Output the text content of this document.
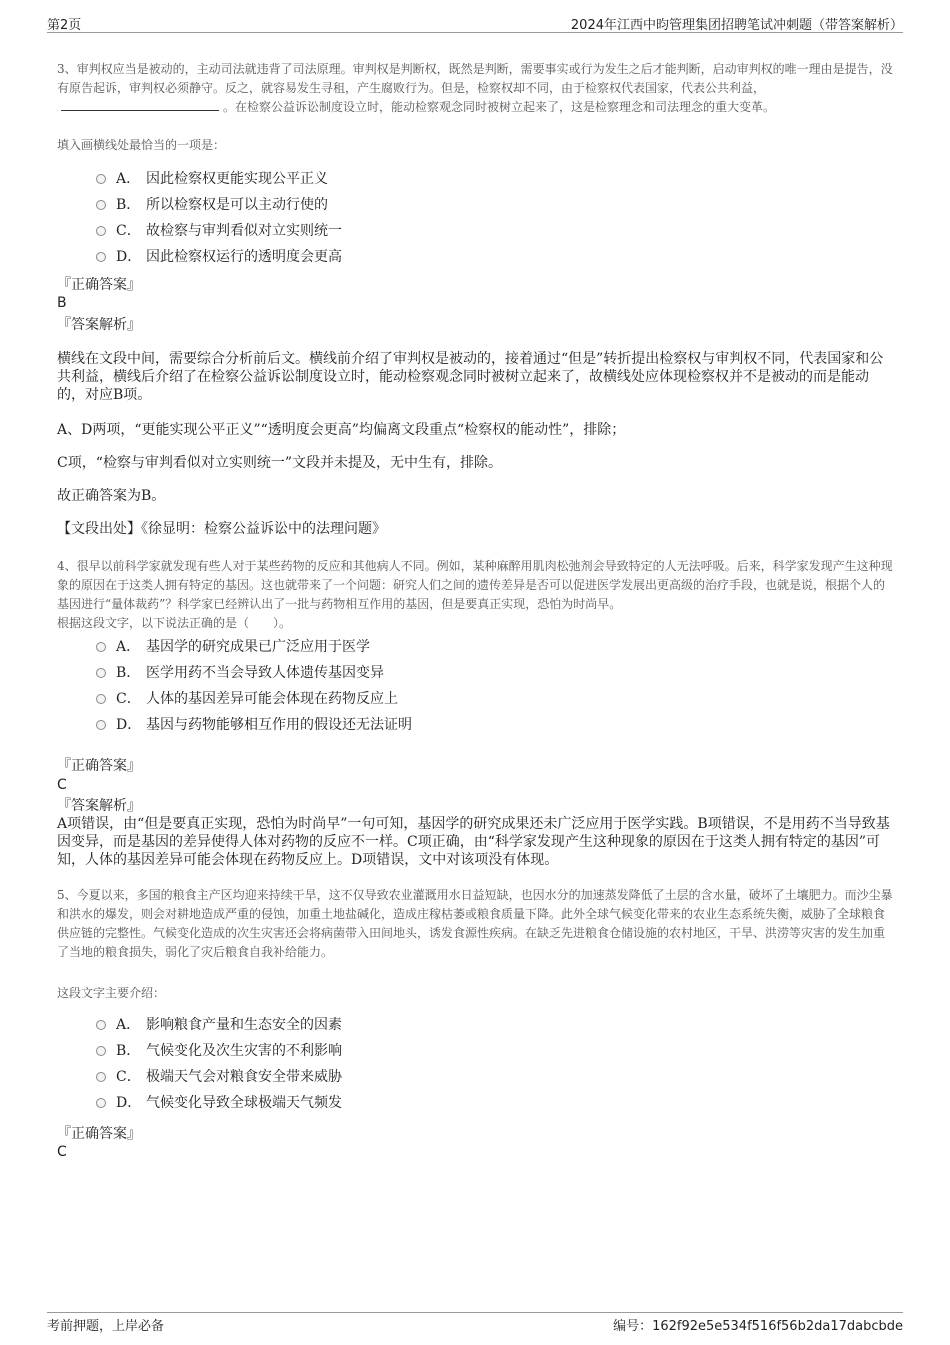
第2页	2024年江西中昀管理集团招聘笔试冲刺题（带答案解析）
3、审判权应当是被动的，主动司法就违背了司法原理。审判权是判断权，既然是判断，需要事实或行为发生之后才能判断，启动审判权的唯一理由是提告，没有原告起诉，审判权必须静守。反之，就容易发生寻租，产生腐败行为。但是，检察权却不同，由于检察权代表国家，代表公共利益，。在检察公益诉讼制度设立时，能动检察观念同时被树立起来了，这是检察理念和司法理念的重大变革。
填入画横线处最恰当的一项是：
A． 因此检察权更能实现公平正义
B． 所以检察权是可以主动行使的
C． 故检察与审判看似对立实则统一
D． 因此检察权运行的透明度会更高
『正确答案』
B
『答案解析』
横线在文段中间，需要综合分析前后文。横线前介绍了审判权是被动的，接着通过“但是”转折提出检察权与审判权不同，代表国家和公共利益，横线后介绍了在检察公益诉讼制度设立时，能动检察观念同时被树立起来了，故横线处应体现检察权并不是被动的而是能动的，对应B项。
A、D两项，“更能实现公平正义”“透明度会更高”均偏离文段重点“检察权的能动性”，排除；
C项，“检察与审判看似对立实则统一”文段并未提及，无中生有，排除。
故正确答案为B。
【文段出处】《徐显明：检察公益诉讼中的法理问题》
4、很早以前科学家就发现有些人对于某些药物的反应和其他病人不同。例如，某种麻醉用肌肉松弛剂会导致特定的人无法呼吸。后来，科学家发现产生这种现象的原因在于这类人拥有特定的基因。这也就带来了一个问题：研究人们之间的遗传差异是否可以促进医学发展出更高级的治疗手段，也就是说，根据个人的基因进行“量体裁药”？科学家已经辨认出了一批与药物相互作用的基因，但是要真正实现，恐怕为时尚早。
根据这段文字，以下说法正确的是（　　）。
A． 基因学的研究成果已广泛应用于医学
B． 医学用药不当会导致人体遗传基因变异
C． 人体的基因差异可能会体现在药物反应上
D． 基因与药物能够相互作用的假设还无法证明
『正确答案』
C
『答案解析』
A项错误，由“但是要真正实现，恐怕为时尚早”一句可知，基因学的研究成果还未广泛应用于医学实践。B项错误，不是用药不当导致基因变异，而是基因的差异使得人体对药物的反应不一样。C项正确，由“科学家发现产生这种现象的原因在于这类人拥有特定的基因”可知，人体的基因差异可能会体现在药物反应上。D项错误，文中对该项没有体现。
5、今夏以来，多国的粮食主产区均迎来持续干旱，这不仅导致农业灌溉用水日益短缺，也因水分的加速蒸发降低了土层的含水量，破坏了土壤肥力。而沙尘暴和洪水的爆发，则会对耕地造成严重的侵蚀，加重土地盐碱化，造成庄稼枯萎或粮食质量下降。此外全球气候变化带来的农业生态系统失衡，威胁了全球粮食供应链的完整性。气候变化造成的次生灾害还会将病菌带入田间地头，诱发食源性疾病。在缺乏先进粮食仓储设施的农村地区，干旱、洪涝等灾害的发生加重了当地的粮食损失，弱化了灾后粮食自我补给能力。
这段文字主要介绍：
A． 影响粮食产量和生态安全的因素
B． 气候变化及次生灾害的不利影响
C． 极端天气会对粮食安全带来威胁
D． 气候变化导致全球极端天气频发
『正确答案』
C
考前押题，上岸必备	编号：162f92e5e534f516f56b2da17dabcbde
